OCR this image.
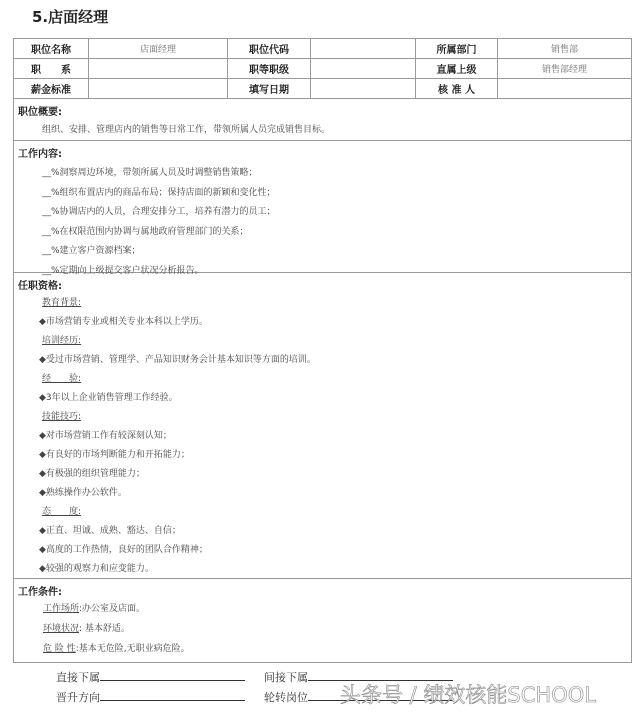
5.店面经理
职位名称	店面经理	职位代码		所属部门	销售部
职　　系		职等职级		直属上级	销售部经理
薪金标准		填写日期		核 准 人	
职位概要:
组织、安排、管理店内的销售等日常工作，带领所属人员完成销售目标。
工作内容:
__%洞察周边环境，带领所属人员及时调整销售策略；
__%组织布置店内的商品布局；保持店面的新颖和变化性；
__%协调店内的人员，合理安排分工，培养有潜力的员工；
__%在权限范围内协调与属地政府管理部门的关系；
__%建立客户资源档案；
__%定期向上级提交客户状况分析报告。
任职资格:
教育背景:
◆市场营销专业或相关专业本科以上学历。
培训经历:
◆受过市场营销、管理学、产品知识财务会计基本知识等方面的培训。
经　　验:
◆3年以上企业销售管理工作经验。
技能技巧:
◆对市场营销工作有较深刻认知；
◆有良好的市场判断能力和开拓能力；
◆有极强的组织管理能力；
◆熟练操作办公软件。
态　　度:
◆正直、坦诚、成熟、豁达、自信；
◆高度的工作热情，良好的团队合作精神；
◆较强的观察力和应变能力。
工作条件:
工作场所:办公室及店面。
环境状况: 基本舒适。
危 险 性:基本无危险,无职业病危险。
直接下属	间接下属
晋升方向	轮转岗位	头条号 / 绩效核能SCHOOL
